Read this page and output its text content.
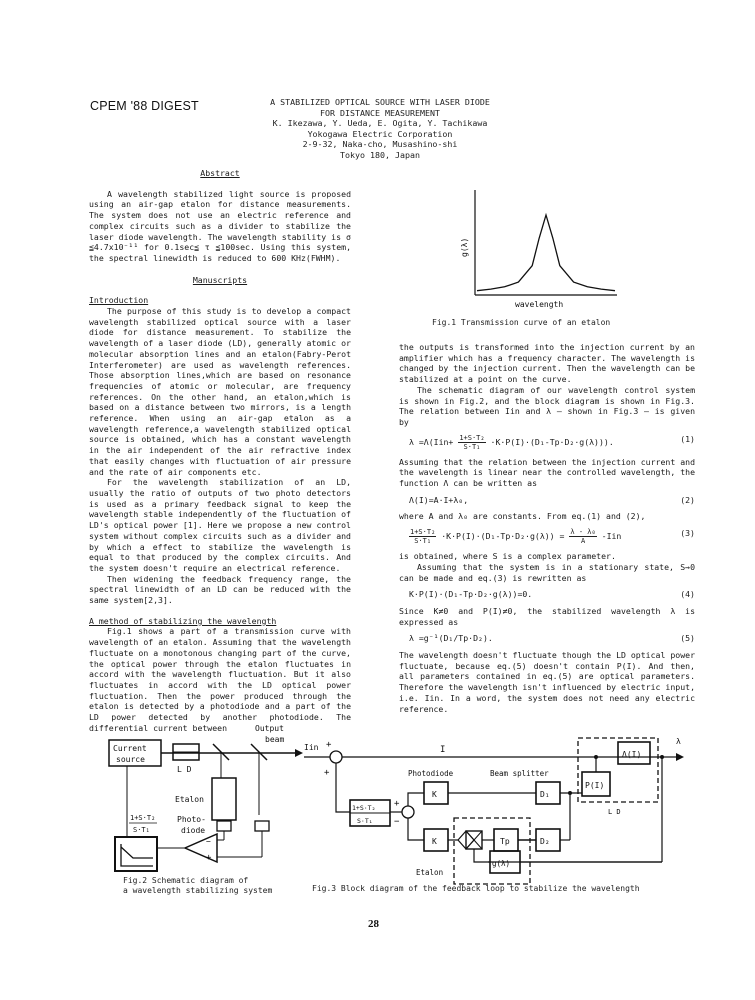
CPEM '88 DIGEST	A STABILIZED OPTICAL SOURCE WITH LASER DIODE
FOR DISTANCE MEASUREMENT
K. Ikezawa, Y. Ueda, E. Ogita, Y. Tachikawa
Yokogawa Electric Corporation
2-9-32, Naka-cho, Musashino-shi
Tokyo 180, Japan

Abstract

A wavelength stabilized light source is proposed using an air-gap etalon for distance measurements. The system does not use an electric reference and complex circuits such as a divider to stabilize the laser diode wavelength. The wavelength stability is σ ≦4.7x10⁻¹¹ for 0.1sec≦ τ ≦100sec. Using this system, the spectral linewidth is reduced to 600 KHz(FWHM).

Manuscripts

Introduction

The purpose of this study is to develop a compact wavelength stabilized optical source with a laser diode for distance measurement. To stabilize the wavelength of a laser diode (LD), generally atomic or molecular absorption lines and an etalon(Fabry-Perot Interferometer) are used as wavelength references. Those absorption lines,which are based on resonance frequencies of atomic or molecular, are frequency references. On the other hand, an etalon,which is based on a distance between two mirrors, is a length reference. When using an air-gap etalon as a wavelength reference,a wavelength stabilized optical source is obtained, which has a constant wavelength in the air independent of the air refractive index that easily changes with fluctuation of air pressure and the rate of air components etc.

For the wavelength stabilization of an LD, usually the ratio of outputs of two photo detectors is used as a primary feedback signal to keep the wavelength stable independently of the fluctuation of LD's optical power [1]. Here we propose a new control system without complex circuits such as a divider and by which a effect to stabilize the wavelength is equal to that produced by the complex circuits. And the system doesn't require an electrical reference.

Then widening the feedback frequency range, the spectral linewidth of an LD can be reduced with the same system[2,3].

A method of stabilizing the wavelength

Fig.1 shows a part of a transmission curve with wavelength of an etalon. Assuming that the wavelength fluctuate on a monotonous changing part of the curve, the optical power through the etalon fluctuates in accord with the wavelength fluctuation. But it also fluctuates in accord with the LD optical power fluctuation. Then the power produced through the etalon is detected by a photodiode and a part of the LD power detected by another photodiode. The differential current between

g(λ)
wavelength
Fig.1 Transmission curve of an etalon

the outputs is transformed into the injection current by an amplifier which has a frequency character. The wavelength is changed by the injection current. Then the wavelength can be stabilized at a point on the curve.

The schematic diagram of our wavelength control system is shown in Fig.2, and the block diagram is shown in Fig.3. The relation between Iin and λ — shown in Fig.3 — is given by

$\lambda =\Lambda(Iin+ \frac{\text{1+S·T₂}}{\text{S·T₁}} \cdot K\cdot P(I)\cdot(D_1-Tp\cdot D_2\cdot g(\lambda)))$.	(1)

Assuming that the relation between the injection current and the wavelength is linear near the controlled wavelength, the function Λ can be written as

Λ(I)=A·I+λ₀,	(2)

where A and λ₀ are constants. From eq.(1) and (2),

$\frac{\text{1+S·T₂}}{\text{S·T₁}} \cdot K\cdot P(I)\cdot(D_1-Tp\cdot D_2\cdot g(\lambda)) = \frac{\text{λ - λ₀}}{A} -Iin$	(3)

is obtained, where S is a complex parameter.

Assuming that the system is in a stationary state, S→0 can be made and eq.(3) is rewritten as

K·P(I)·(D₁-Tp·D₂·g(λ))=0.	(4)

Since K≠0 and P(I)≠0, the stabilized wavelength λ is expressed as

λ =g⁻¹(D₁/Tp·D₂).	(5)

The wavelength doesn't fluctuate though the LD optical power fluctuate, because eq.(5) doesn't contain P(I). And then, all parameters contained in eq.(5) are optical parameters. Therefore the wavelength isn't influenced by electric input, i.e. Iin. In a word, the system does not need any electric reference.

Current
source
L D
Output
beam
Etalon
Photo-
diode
−
+
1+S·T₂
S·T₁
Fig.2 Schematic diagram of
a wavelength stabilizing system
Iin +
+
I
L D
Λ(I)
P(I)
λ
Photodiode	Beam splitter
D₁
K
+
−
1+S·T₂
S·T₁
K
Etalon
Tp	D₂
g(λ)
Fig.3 Block diagram of the feedback loop to stabilize the wavelength
28
